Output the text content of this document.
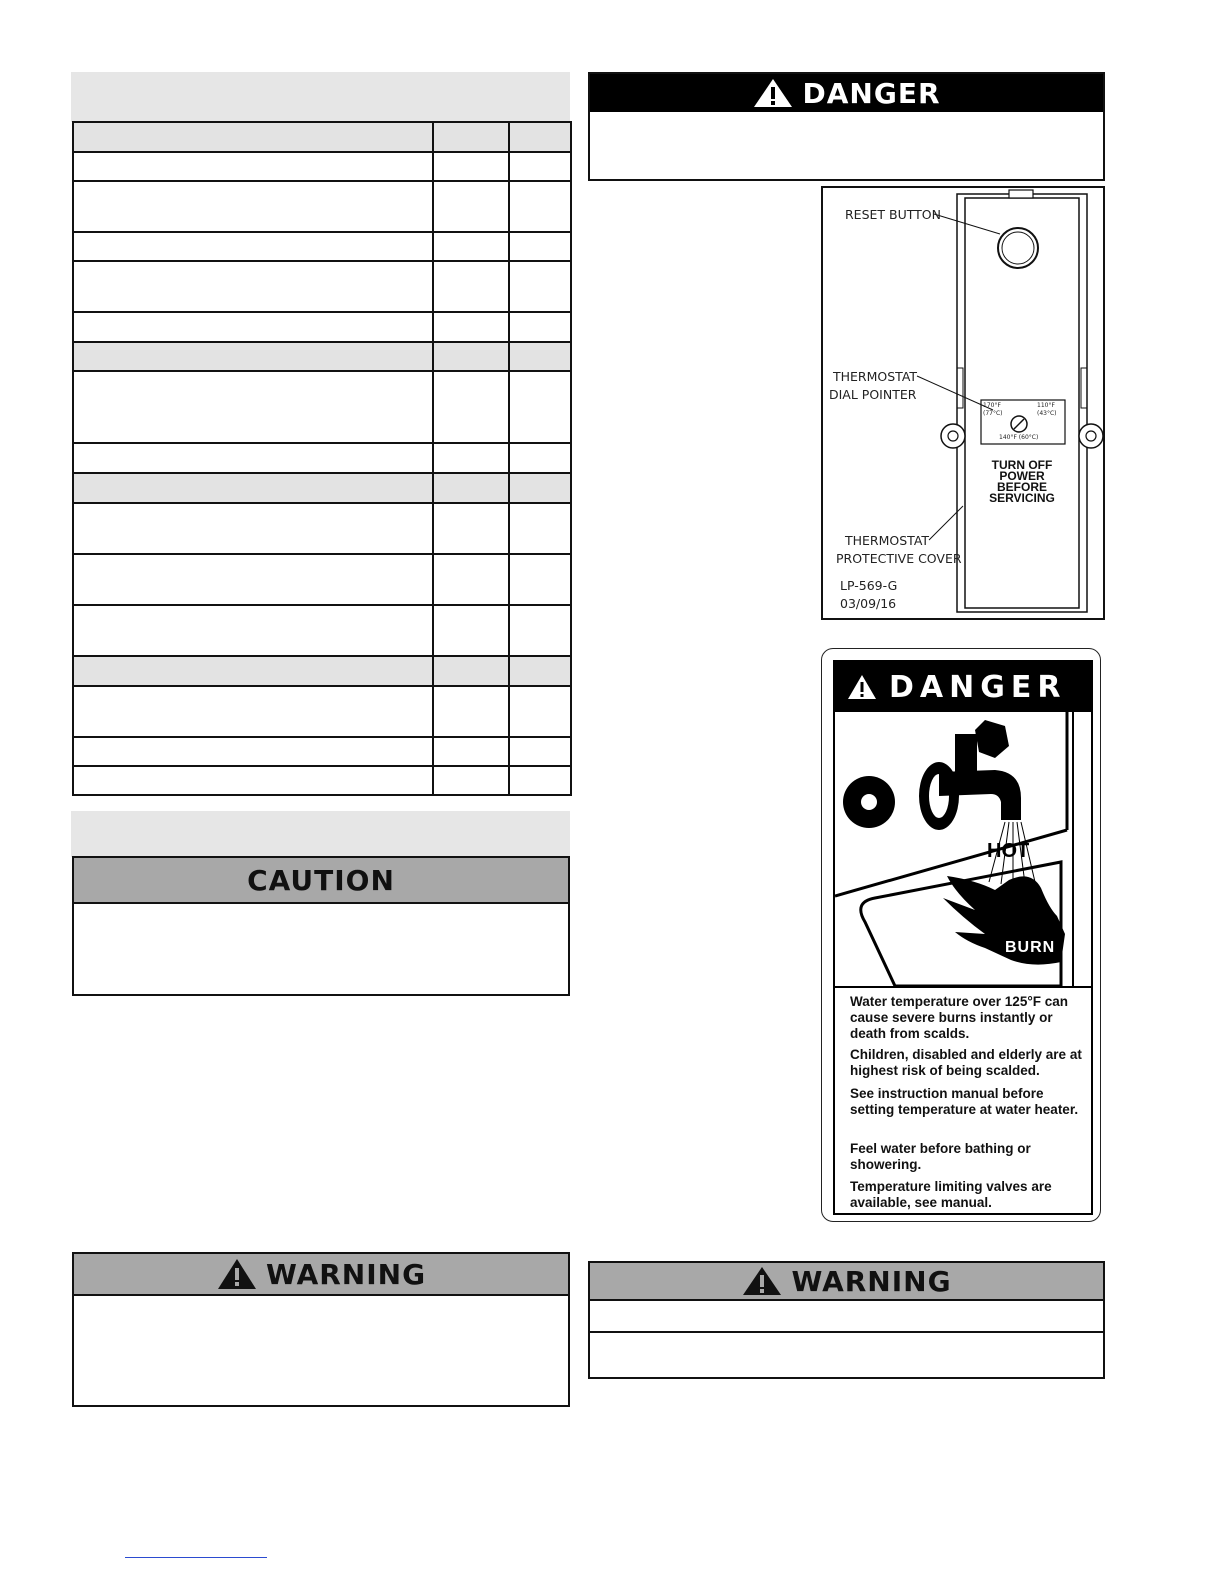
CAUTION
WARNING
DANGER
RESET BUTTON
THERMOSTAT
DIAL POINTER
170°F (77°C)
110°F (43°C)
140°F (60°C)
TURN OFF
POWER
BEFORE
SERVICING
THERMOSTAT
PROTECTIVE COVER
LP-569-G
03/09/16
DANGER
HOT
BURN
Water temperature over 125°F can cause severe burns instantly or death from scalds.
Children, disabled and elderly are at highest risk of being scalded.
See instruction manual before setting temperature at water heater.
Feel water before bathing or showering.
Temperature limiting valves are available, see manual.
WARNING
